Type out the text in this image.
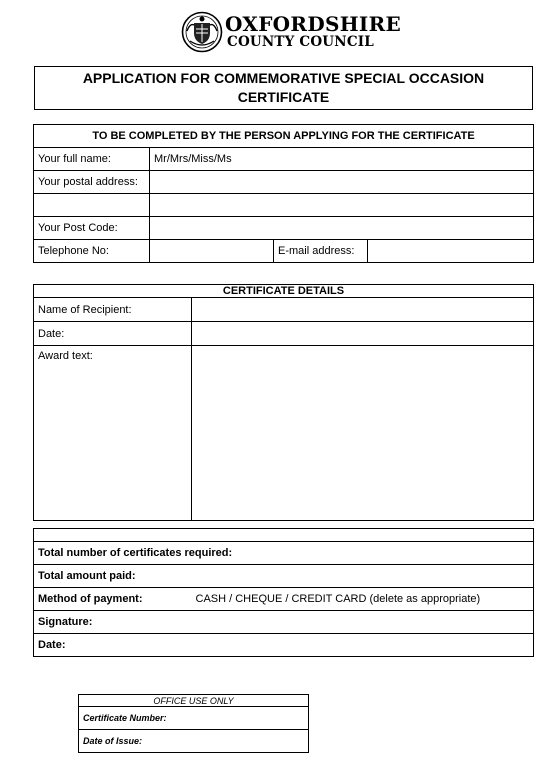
OXFORDSHIRE
COUNTY COUNCIL
APPLICATION FOR COMMEMORATIVE SPECIAL OCCASION CERTIFICATE
TO BE COMPLETED BY THE PERSON APPLYING FOR THE CERTIFICATE			
Your full name:	Mr/Mrs/Miss/Ms		
Your postal address:			

Your Post Code:			
Telephone No:		E-mail address:	
CERTIFICATE DETAILS	
Name of Recipient:	
Date:	
Award text:	

Total number of certificates required:
Total amount paid:
Method of payment:	CASH / CHEQUE / CREDIT CARD (delete as appropriate)
Signature:
Date:
OFFICE USE ONLY
Certificate Number:
Date of Issue:
